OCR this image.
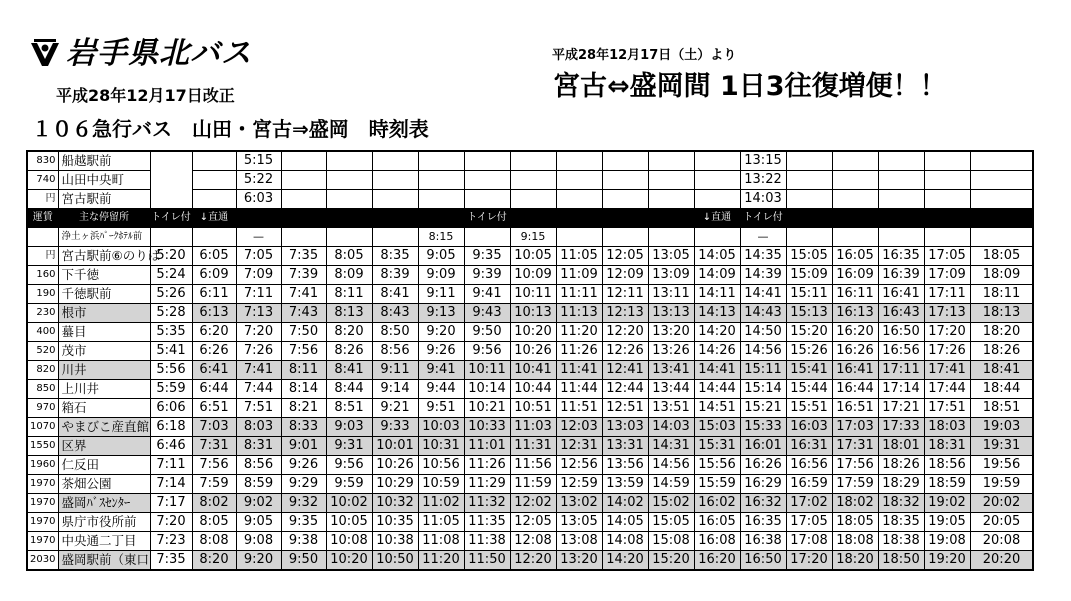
岩手県北バス
平成28年12月17日改正
１０６急行バス　山田・宮古⇒盛岡　時刻表
平成28年12月17日（土）より
宮古⇔盛岡間 1日3往復増便！！
830	船越駅前			5:15											13:15						
740	山田中央町			5:22											13:22						
円	宮古駅前			6:03											14:03						
運賃	主な停留所	トイレ付	↓直通						トイレ付					↓直通	トイレ付						
	浄土ヶ浜ﾊﾟｰｸﾎﾃﾙ前			—				8:15		9:15					—						
円	宮古駅前⑥のりば	5:20	6:05	7:05	7:35	8:05	8:35	9:05	9:35	10:05	11:05	12:05	13:05	14:05	14:35	15:05	16:05	16:35	17:05	18:05	
160	下千徳	5:24	6:09	7:09	7:39	8:09	8:39	9:09	9:39	10:09	11:09	12:09	13:09	14:09	14:39	15:09	16:09	16:39	17:09	18:09	
190	千徳駅前	5:26	6:11	7:11	7:41	8:11	8:41	9:11	9:41	10:11	11:11	12:11	13:11	14:11	14:41	15:11	16:11	16:41	17:11	18:11	
230	根市	5:28	6:13	7:13	7:43	8:13	8:43	9:13	9:43	10:13	11:13	12:13	13:13	14:13	14:43	15:13	16:13	16:43	17:13	18:13	
400	蟇目	5:35	6:20	7:20	7:50	8:20	8:50	9:20	9:50	10:20	11:20	12:20	13:20	14:20	14:50	15:20	16:20	16:50	17:20	18:20	
520	茂市	5:41	6:26	7:26	7:56	8:26	8:56	9:26	9:56	10:26	11:26	12:26	13:26	14:26	14:56	15:26	16:26	16:56	17:26	18:26	
820	川井	5:56	6:41	7:41	8:11	8:41	9:11	9:41	10:11	10:41	11:41	12:41	13:41	14:41	15:11	15:41	16:41	17:11	17:41	18:41	
850	上川井	5:59	6:44	7:44	8:14	8:44	9:14	9:44	10:14	10:44	11:44	12:44	13:44	14:44	15:14	15:44	16:44	17:14	17:44	18:44	
970	箱石	6:06	6:51	7:51	8:21	8:51	9:21	9:51	10:21	10:51	11:51	12:51	13:51	14:51	15:21	15:51	16:51	17:21	17:51	18:51	
1070	やまびこ産直館	6:18	7:03	8:03	8:33	9:03	9:33	10:03	10:33	11:03	12:03	13:03	14:03	15:03	15:33	16:03	17:03	17:33	18:03	19:03	
1550	区界	6:46	7:31	8:31	9:01	9:31	10:01	10:31	11:01	11:31	12:31	13:31	14:31	15:31	16:01	16:31	17:31	18:01	18:31	19:31	
1960	仁反田	7:11	7:56	8:56	9:26	9:56	10:26	10:56	11:26	11:56	12:56	13:56	14:56	15:56	16:26	16:56	17:56	18:26	18:56	19:56	
1970	茶畑公園	7:14	7:59	8:59	9:29	9:59	10:29	10:59	11:29	11:59	12:59	13:59	14:59	15:59	16:29	16:59	17:59	18:29	18:59	19:59	
1970	盛岡ﾊﾞｽｾﾝﾀｰ	7:17	8:02	9:02	9:32	10:02	10:32	11:02	11:32	12:02	13:02	14:02	15:02	16:02	16:32	17:02	18:02	18:32	19:02	20:02	
1970	県庁市役所前	7:20	8:05	9:05	9:35	10:05	10:35	11:05	11:35	12:05	13:05	14:05	15:05	16:05	16:35	17:05	18:05	18:35	19:05	20:05	
1970	中央通二丁目	7:23	8:08	9:08	9:38	10:08	10:38	11:08	11:38	12:08	13:08	14:08	15:08	16:08	16:38	17:08	18:08	18:38	19:08	20:08	
2030	盛岡駅前（東口	7:35	8:20	9:20	9:50	10:20	10:50	11:20	11:50	12:20	13:20	14:20	15:20	16:20	16:50	17:20	18:20	18:50	19:20	20:20	
